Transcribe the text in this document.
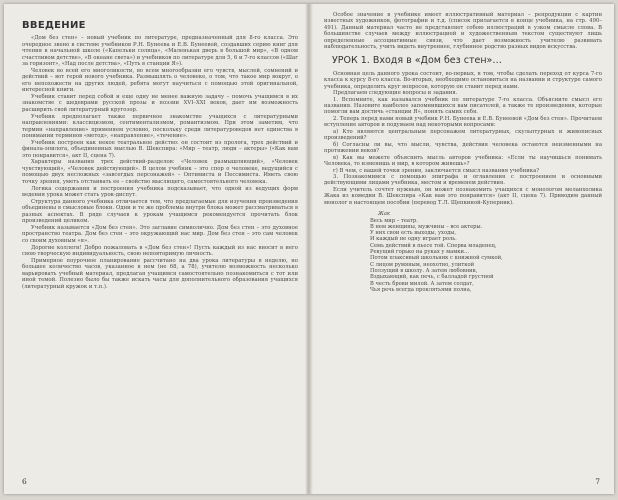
ВВЕДЕНИЕ

«Дом без стен» – новый учебник по литературе, предназначенный для 8-го класса. Это очередное звено в системе учебников Р.Н. Бунеева и Е.В. Бунеевой, создавших серию книг для чтения в начальной школе («Капельки солнца», «Маленькая дверь в большой мир», «В одном счастливом детстве», «В океане света») и учебников по литературе для 5, 6 и 7-го классов («Шаг за горизонт», «Над после детства», «Путь в станции Я»).

Человек во всей его многоликости, во всем многообразии его чувств, мыслей, сомнений и действий – вот герой нового учебника. Размышлять о человеке, о том, что такое мир вокруг, о его непохожести на других людей, ребята могут научиться с помощью этой оригинальной, интересной книги.

Учебник ставит перед собой и еще одну не менее важную задачу – помочь учащимся в их знакомстве с шедеврами русской прозы и поэзии XVI–XXI веков, дает им возможность расширить свой литературный кругозор.

Учебник предполагает также первичное знакомство учащихся с литературными направлениями: классицизмом, сентиментализмом, романтизмом. При этом заметим, что термин «направление» применяем условно, поскольку среди литературоведов нет единства в понимании терминов «метод», «направление», «течение».

Учебник построен как некое театральное действо: он состоит из пролога, трех действий и финала-эпилога, объединенных мыслью В. Шекспира: «Мир – театр, люди – актеры» («Как вам это понравится», акт II, сцена 7).

Характеры названия трех действий-разделов: «Человек размышляющий», «Человек чувствующий», «Человек действующий». В целом учебник – это спор о человеке, ведущийся с помощью двух несложных «завсегдых персонажей» – Оптимиста и Пессимиста. Иметь свою точку зрения, уметь отстаивать ее – свойство мыслящего, самостоятельного человека.

Логика содержания и построения учебника подсказывает, что одной из ведущих форм ведения урока может стать урок-диспут.

Структура данного учебника отличается тем, что предлагаемые для изучения произведения объединены в смысловые блоки. Одни и те же проблемы внутри блока может рассматриваться в разных аспектах. В ряде случаев к урокам учащимся рекомендуется прочитать блок произведений целиком.

Учебник называется «Дом без стен». Это заглавие символично. Дом без стен – это духовное пространство театра. Дом без стен – это окружающий нас мир. Дом без стен – это сам человек со своим духовным «я».

Дорогие коллеги! Добро пожаловать в «Дом без стен»! Пусть каждый из нас вносит в него свою творческую индивидуальность, свою неповторимую личность.

Примерное поурочное планирование рассчитано на два урока литературы в неделю, но большее количество часов, указанное в нем (не 68, а 78), учителю возможность несколько варьировать учебный материал, предлагая учащимся самостоятельно познакомиться с тот или иной темой. Полезно было бы также искать часы для дополнительного образования учащихся (литературный кружок и т.п.).

6

Особое значение в учебнике имеет иллюстративный материал – репродукции с картин известных художников, фотографии и т.д. (список прилагается в конце учебника, на стр. 490–491). Данный материал часто не представляет собою иллюстраций в узком смысле слова. В большинстве случаев между иллюстрацией и художественным текстом существуют лишь определенные ассоциативные связи, что дает возможность учителю развивать наблюдательность, учить видеть внутреннее, глубинное родство разных видов искусства.

УРОК 1. Входя в «Дом без стен»…

Основная цель данного урока состоит, во-первых, в том, чтобы сделать переход от курса 7-го класса к курсу 8-го класса. Во-вторых, необходимо остановиться на названии и структуре самого учебника, определить круг вопросов, которую он ставит перед нами.

Предлагаем следующие вопросы и задания.

1. Вспомните, как назывался учебник по литературе 7-го класса. Объясните смысл его названия. Назовите наиболее запомнившихся вам писателей, а также те произведения, которые помогли вам достичь «станции Я», понять самих себя.

2. Теперь перед нами новый учебник Р.Н. Бунеева и Е.В. Бунеевой «Дом без стен». Прочитаем вступление авторов и подумаем над некоторыми вопросами:

а) Кто являются центральным персонажем литературных, скульптурных и живописных произведений?

б) Согласны ли вы, что мысли, чувства, действия человека остаются неизменными на протяжении веков?

в) Как вы можете объяснить мысль авторов учебника: «Если ты научишься понимать Человека, то изменишь и мир, в котором живешь»?

г) В чем, с вашей точки зрения, заключается смысл названия учебника?

3. Познакомимся с помощью эпиграфа и оглавления с построением и основными действующими лицами учебника, местом и временем действия.

Если учитель сочтет нужным, он может познакомить учащихся с монологом меланхолика Жака из комедии В. Шекспира «Как вам это понравится» (акт II, сцена 7). Приводим данный монолог в настоящем пособии (перевод Т.Л. Щепкиной-Куперник).

Жак
Весь мир – театр.
В нем женщины, мужчины – все актеры.
У них свои есть выходы, уходы,
И каждый не одну играет роль.
Семь действий в пьесе той. Сперва младенец,
Ревущий горько на руках у мамки…
Потом плаксивый школьник с книжной сумкой,
С лицом румяным, неохотно, улиткой
Ползущий в школу. А затем любовник,
Вздыхающий, как печь, с балладой грустной
В честь брови милой. А затем солдат,
Чья речь всегда проклятьями полна,
7
